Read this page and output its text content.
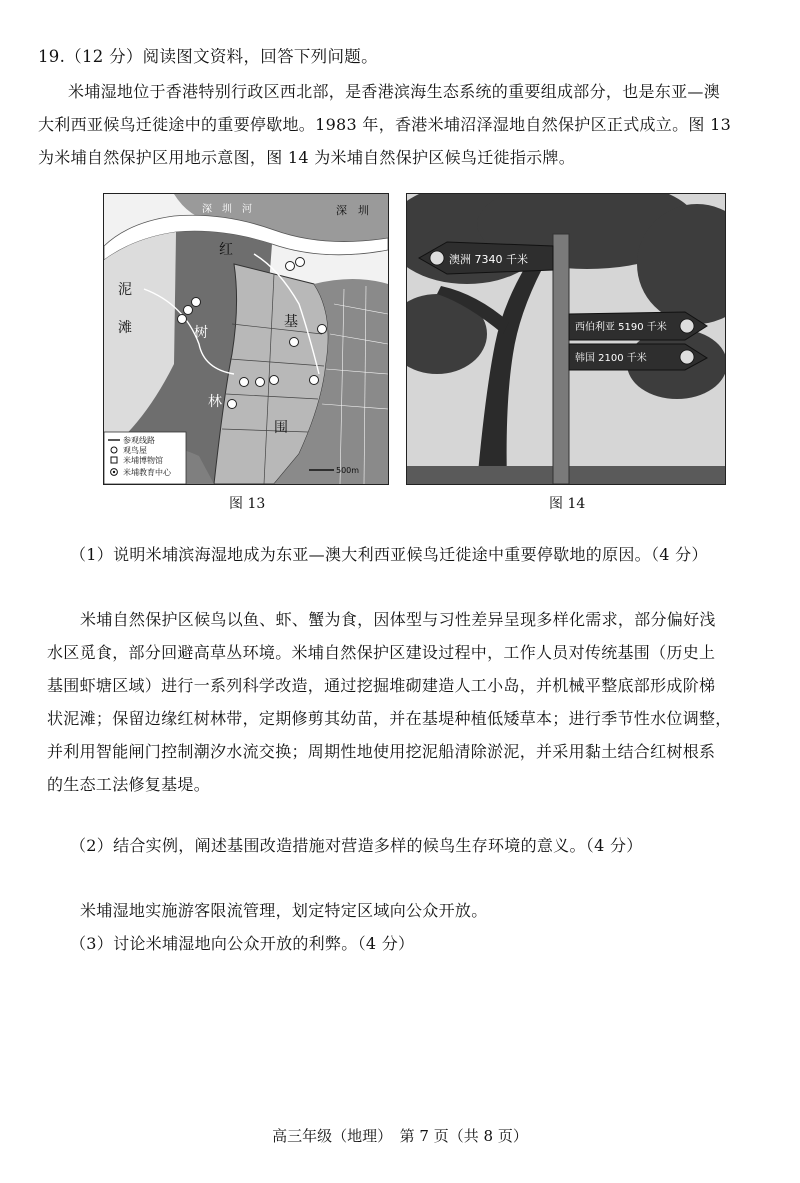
19.（12 分）阅读图文资料，回答下列问题。
米埔湿地位于香港特别行政区西北部，是香港滨海生态系统的重要组成部分，也是东亚—澳
大利西亚候鸟迁徙途中的重要停歇地。1983 年，香港米埔沼泽湿地自然保护区正式成立。图 13
为米埔自然保护区用地示意图，图 14 为米埔自然保护区候鸟迁徙指示牌。
深　圳　河	深　圳
泥
滩
红
树
林
基
围
500m
参观线路
观鸟屋
米埔博物馆
米埔教育中心
图 13
澳洲 7340 千米
西伯利亚 5190 千米
韩国 2100 千米
图 14
（1）说明米埔滨海湿地成为东亚—澳大利西亚候鸟迁徙途中重要停歇地的原因。（4 分）
米埔自然保护区候鸟以鱼、虾、蟹为食，因体型与习性差异呈现多样化需求，部分偏好浅
水区觅食，部分回避高草丛环境。米埔自然保护区建设过程中，工作人员对传统基围（历史上
基围虾塘区域）进行一系列科学改造，通过挖掘堆砌建造人工小岛，并机械平整底部形成阶梯
状泥滩；保留边缘红树林带，定期修剪其幼苗，并在基堤种植低矮草本；进行季节性水位调整，
并利用智能闸门控制潮汐水流交换；周期性地使用挖泥船清除淤泥，并采用黏土结合红树根系
的生态工法修复基堤。
（2）结合实例，阐述基围改造措施对营造多样的候鸟生存环境的意义。（4 分）
米埔湿地实施游客限流管理，划定特定区域向公众开放。
（3）讨论米埔湿地向公众开放的利弊。（4 分）
高三年级（地理）　第 7 页（共 8 页）
